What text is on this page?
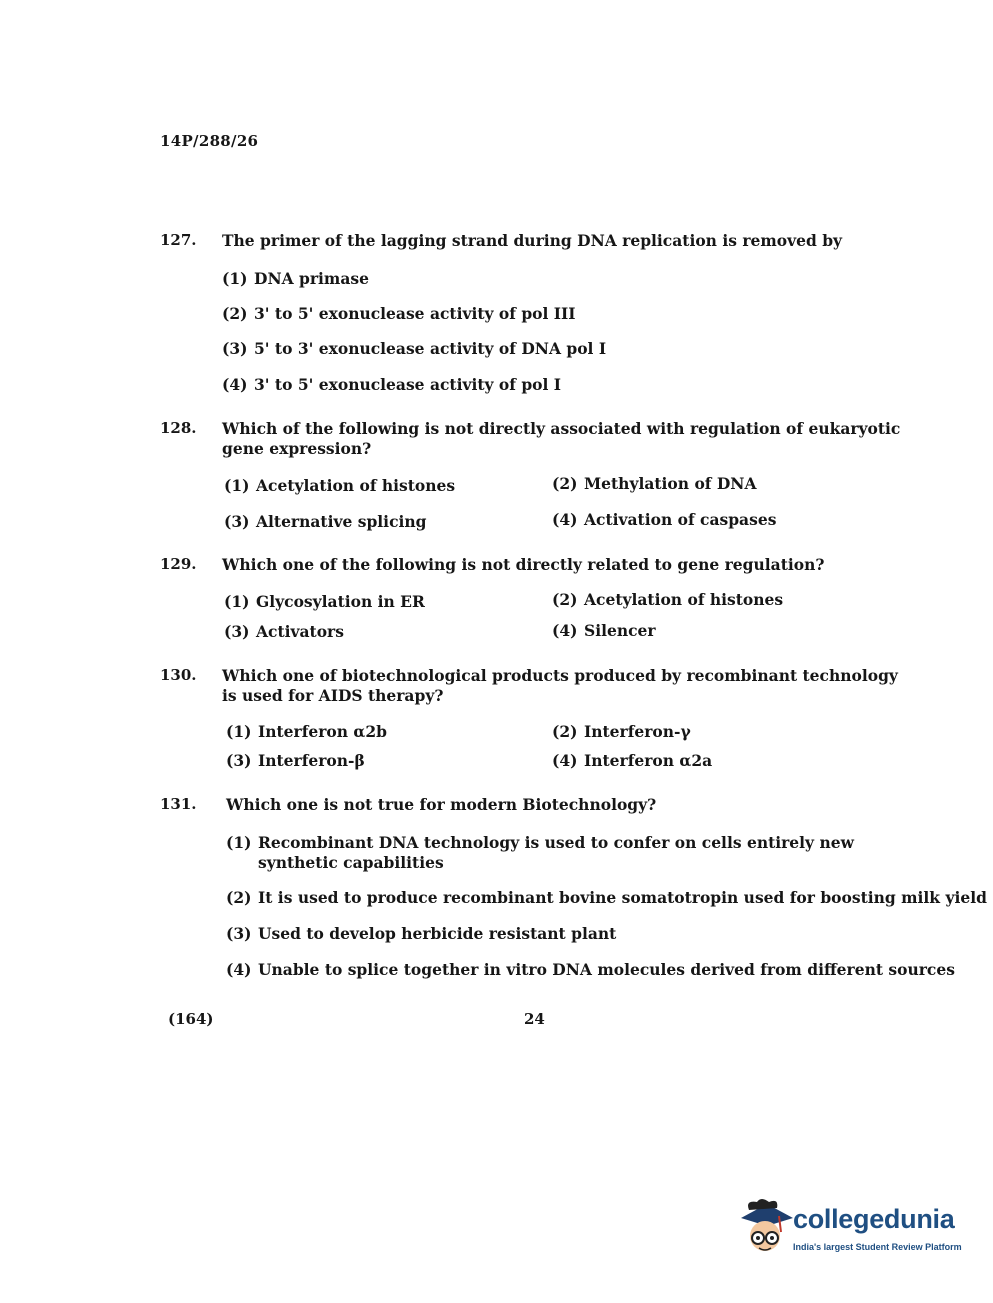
14P/288/26
127.	The primer of the lagging strand during DNA replication is removed by
(1) DNA primase
(2) 3' to 5' exonuclease activity of pol III
(3) 5' to 3' exonuclease activity of DNA pol I
(4) 3' to 5' exonuclease activity of pol I
128.	Which of the following is not directly associated with regulation of eukaryotic gene expression?
(1) Acetylation of histones	(2) Methylation of DNA
(3) Alternative splicing	(4) Activation of caspases
129.	Which one of the following is not directly related to gene regulation?
(1) Glycosylation in ER	(2) Acetylation of histones
(3) Activators	(4) Silencer
130.	Which one of biotechnological products produced by recombinant technology is used for AIDS therapy?
(1) Interferon α2b	(2) Interferon-γ
(3) Interferon-β	(4) Interferon α2a
131.	Which one is not true for modern Biotechnology?
(1) Recombinant DNA technology is used to confer on cells entirely new synthetic capabilities
(2) It is used to produce recombinant bovine somatotropin used for boosting milk yield
(3) Used to develop herbicide resistant plant
(4) Unable to splice together in vitro DNA molecules derived from different sources
(164)	24
collegedunia
India's largest Student Review Platform
